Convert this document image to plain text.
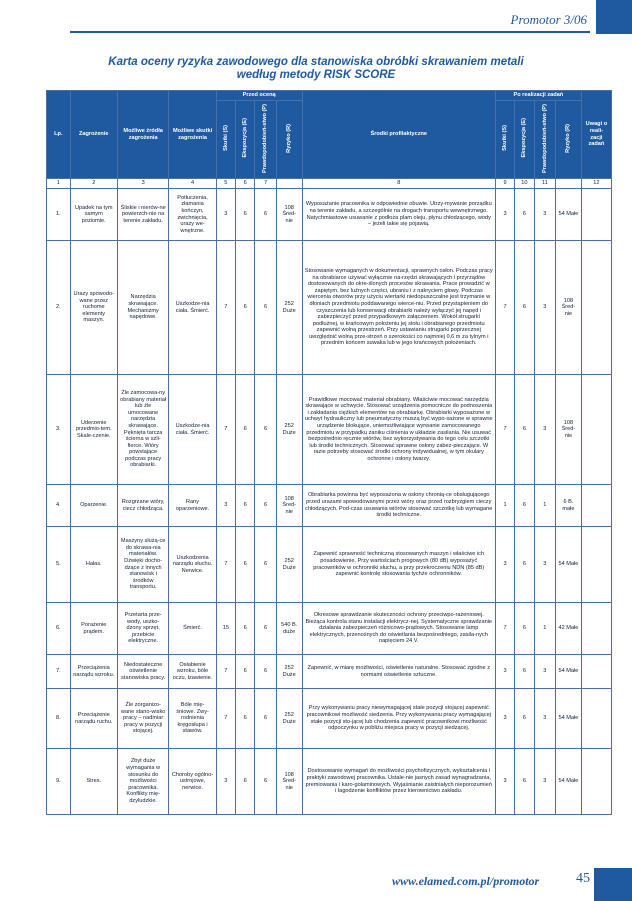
Promotor 3/06
Karta oceny ryzyka zawodowego dla stanowiska obróbki skrawaniem metali
według metody RISK SCORE
Lp.	Zagrożenie	Możliwe źródła zagrożenia	Możliwe skutki zagrożenia	Przed oceną				Środki profilaktyczne	Po realizacji zadań				Uwagi o reali-zacji zadań
				Skutki (S)	Ekspozycja (E)	Prawdopodobień-stwo (P)	Ryzyko (R)		Skutki (S)	Ekspozycja (E)	Prawdopodobień-stwo (P)	Ryzyko (R)	
1	2	3	4	5	6	7		8	9	10	11		12
1.	Upadek na tym samym poziomie.	Śliskie i nierów-ne powierzch-nie na terenie zakładu.	Potłuczenia, złamania kończyn, zwichnięcia, urazy we-wnętrzne.	3	6	6	108 Śred-nie	Wyposażanie pracownika w odpowiednie obuwie. Utrzy-mywanie porządku na terenie zakładu, a szczególnie na drogach transportu wewnętrznego. Natychmiastowe usuwanie z podłoża plam oleju, płynu chłodzącego, wody – jeżeli takie się pojawią.	3	6	3	54 Małe	
2.	Urazy spowodo-wane przez ruchome elementy maszyn.	Narzędzia skrawające. Mechanizmy napędowe.	Uszkodze-nia ciała. Śmierć.	7	6	6	252 Duże	Stosowanie wymaganych w dokumentacji, sprawnych osłon. Podczas pracy na obrabiarce używać wyłącznie na-rzędzi skrawających i przyrządów dostosowanych do okre-ślonych procesów skrawania. Prace prowadzić w zapiętym, bez luźnych części, ubraniu i z nakryciem głowy. Podczas wiercenia otworów przy użyciu wiertarki niedopuszczalne jest trzymanie w dłoniach przedmiotu poddawanego wierce-niu. Przed przystąpieniem do czyszczenia lub konserwacji obrabiarki należy wyłączyć jej napęd i zabezpieczyć przed przypadkowym załączeniem. Wokół strugarki podłużnej, w krańcowym położeniu jej stołu i obrabianego przedmiotu zapewnić wolną przestrzeń. Przy ustawianiu strugarki poprzecznej uwzględnić wolną prze-strzeń o szerokości co najmniej 0,6 m za tylnym i przednim końcem suwaka lub w jego krańcowych położeniach.	7	6	3	108 Śred-nie	
3.	Uderzenie przedmio-tem. Skale-czenie.	Źle zamocowa-ny obrabiany materiał lub źle umocowane narzędzia skrawające. Pęknięta tarcza ścierna w szli-fierce. Wióry powstające podczas pracy obrabiarki.	Uszkodze-nia ciała. Śmierć.	7	6	6	252 Duże	Prawidłowe mocować materiał obrabiany. Właściwie mocować narzędzia skrawające w uchwycie. Stosować urządzenia pomocnicze do podnoszenia i zakładania ciężkich elementów na obrabiarkę. Obrabiarki wyposażone w uchwyt hydrauliczny lub pneumatyczny muszą być wypo-sażone w sprawne urządzenie blokujące, uniemożliwiające wyrwanie zamocowanego przedmiotu w przypadku zaniku ciśnienia w układzie zasilania. Nie usuwać bezpośrednio ręcznie wiórów, bez wykorzystywania do tego celu szczotki lub środki technicznych. Stosować sprawne osłony zabez-pieczające. W razie potrzeby stosować środki ochrony indywidualnej, w tym okulary ochronne i osłony twarzy.	7	6	3	108 Śred-nie	
4.	Oparzenie.	Rozgrzane wióry, ciecz chłodząca.	Rany oparzeniowe.	3	6	6	108 Śred-nie	Obrabiarka powinna być wyposażona w osłony chronią-ce obsługującego przed urazami spowodowanymi przez wióry oraz przed rozbryzgiem cieczy chłodzących. Pod-czas usuwania wiórów stosować szczotkę lub wymagane środki techniczne.	1	6	1	6 B. małe	
5.	Hałas.	Maszyny służą-ce do skrawa-nia materiałów. Dźwięki docho-dzące z innych stanowisk i środków transportu.	Uszkodzenia narządu słuchu. Nerwice.	7	6	6	252 Duże	Zapewnić sprawność techniczną stosowanych maszyn i właściwe ich posadowienie. Przy wartościach progowych (80 dB) wyposażyć pracowników w ochronniki słuchu, a przy przekroczeniu NDN (85 dB) zapewnić kontrolę stosowania tychże ochronników.	3	6	3	54 Małe	
6.	Porażenie prądem.	Przetarta prze-wody, uszko-dzony sprzęt, przebicie elektryczne.	Śmierć.	15	6	6	540 B. duże	Okresowe sprawdzanie skuteczności ochrony przeciwpo-rażeniowej. Bieżąca kontrola stanu instalacji elektrycz-nej. Systematyczne sprawdzanie działania zabezpieczeń różnicowo-prądowych. Stosowanie lamp elektrycznych, przenośnych do oświetlania bezpośredniego, zasila-nych napięciem 24 V.	7	6	1	42 Małe	
7.	Przeciążenia narządu wzroku.	Niedostateczne oświetlenie stanowiska pracy.	Osłabienie wzroku, bóle oczu, łzawienie.	7	6	6	252 Duże	Zapewnić, w miarę możliwości, oświetlenie naturalne. Stosować zgodne z normami oświetlenie sztuczne.	3	6	3	54 Małe	
8.	Przeciążenie narządu ruchu.	Źle zorganizo-wane stano-wisko pracy – nadmiar pracy w pozycji stojącej.	Bóle mię-śniowe. Zwy-rodnienia kręgosłupa i stawów.	7	6	6	252 Duże	Przy wykonywaniu pracy niewymagającej stałe pozycji stojącej zapewnić pracownikowi możliwość siedzenia. Przy wykonywaniu pracy wymagającej stałe pozycji sto-jącej lub chodzenia zapewnić pracownikowi możliwość odpoczynku w pobliżu miejsca pracy w pozycji siedzącej.	3	6	3	54 Małe	
9.	Stres.	Zbyt duże wymagania w stosunku do możliwości pracownika. Konflikty mię-dzyludzkie.	Choroby ogólno-ustrojowe, nerwice.	3	6	6	108 Śred-nie	Dostosowanie wymagań do możliwości psychofizycznych, wykształcenia i praktyki zawodowej pracownika. Ustale-nie jasnych zasad wynagradzania, premiowania i karo-golaminowych. Wyjaśnianie zaistniałych nieporozumień i łagodzenie konfliktów przez kierownictwo zakładu.	3	6	3	54 Małe	
www.elamed.com.pl/promotor	45
